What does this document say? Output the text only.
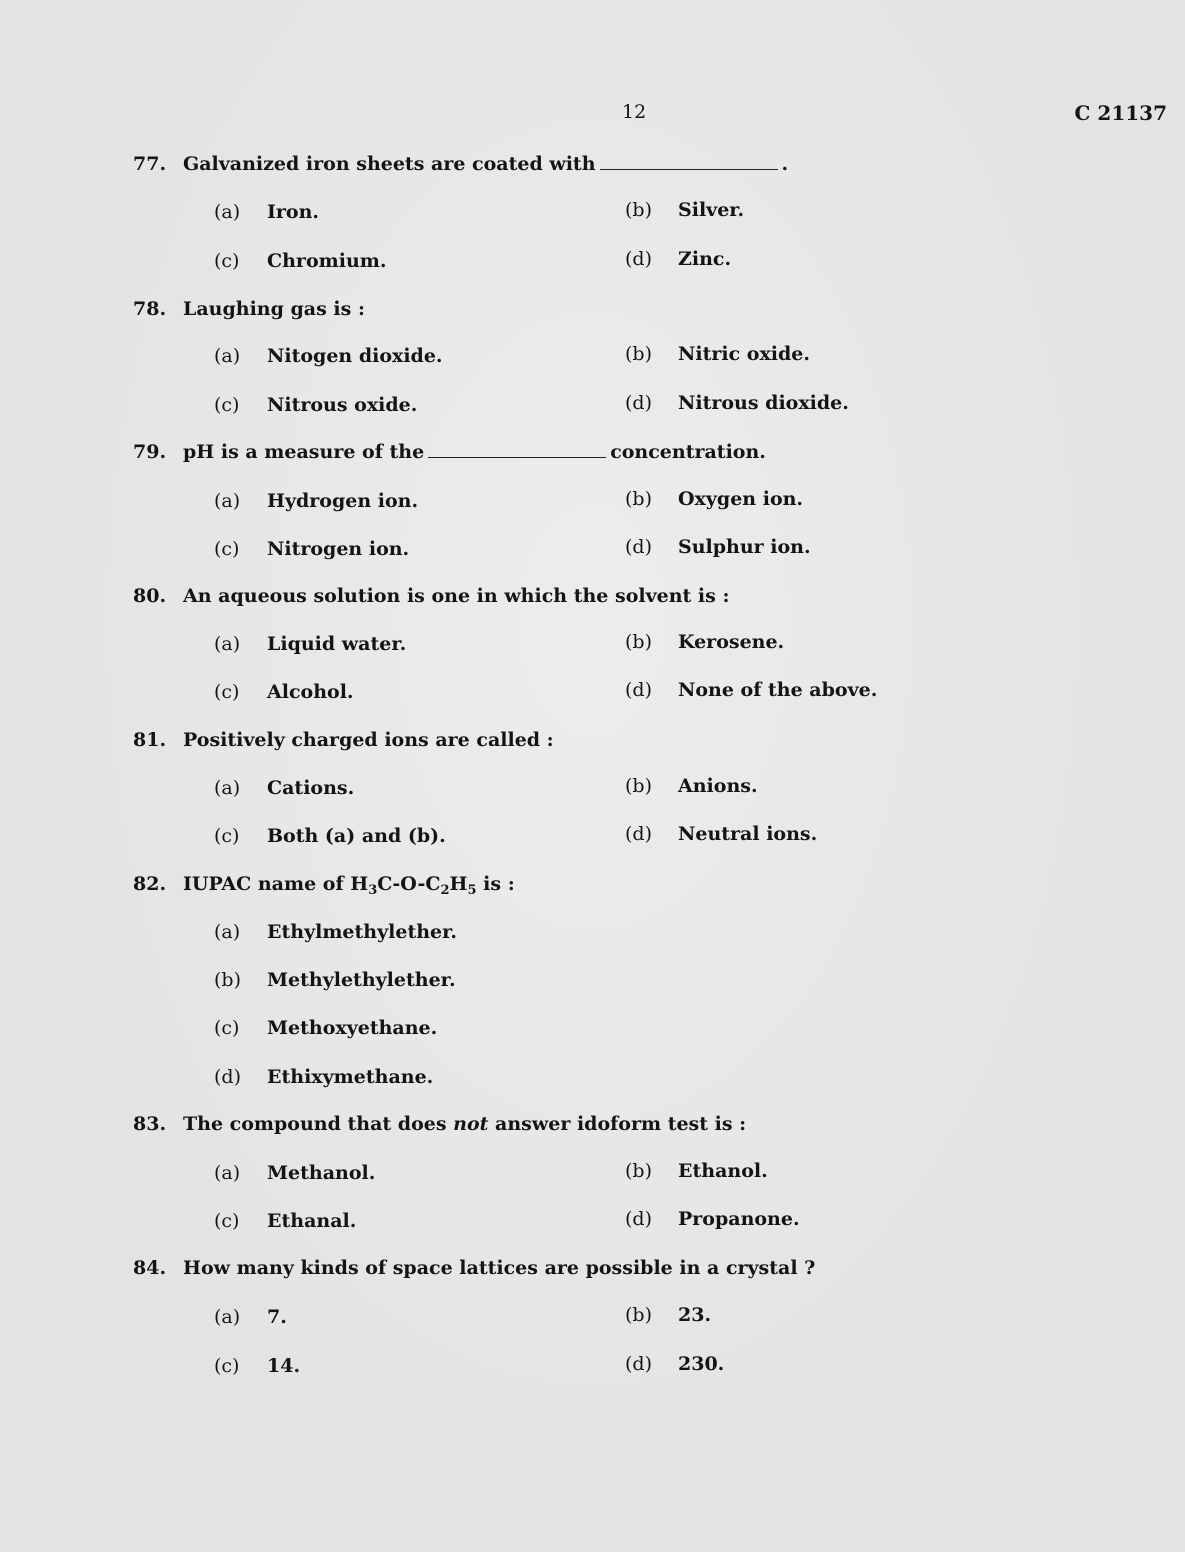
12	C 21137
77. Galvanized iron sheets are coated with	.
(a) Iron.	(b) Silver.
(c) Chromium.	(d) Zinc.
78. Laughing gas is :
(a) Nitogen dioxide.	(b) Nitric oxide.
(c) Nitrous oxide.	(d) Nitrous dioxide.
79. pH is a measure of the	concentration.
(a) Hydrogen ion.	(b) Oxygen ion.
(c) Nitrogen ion.	(d) Sulphur ion.
80. An aqueous solution is one in which the solvent is :
(a) Liquid water.	(b) Kerosene.
(c) Alcohol.	(d) None of the above.
81. Positively charged ions are called :
(a) Cations.	(b) Anions.
(c) Both (a) and (b).	(d) Neutral ions.
82. IUPAC name of $H_3C-O-C_2H_5$ is :
(a) Ethylmethylether.
(b) Methylethylether.
(c) Methoxyethane.
(d) Ethixymethane.
83. The compound that does not answer idoform test is :
(a) Methanol.	(b) Ethanol.
(c) Ethanal.	(d) Propanone.
84. How many kinds of space lattices are possible in a crystal ?
(a) 7.	(b) 23.
(c) 14.	(d) 230.
